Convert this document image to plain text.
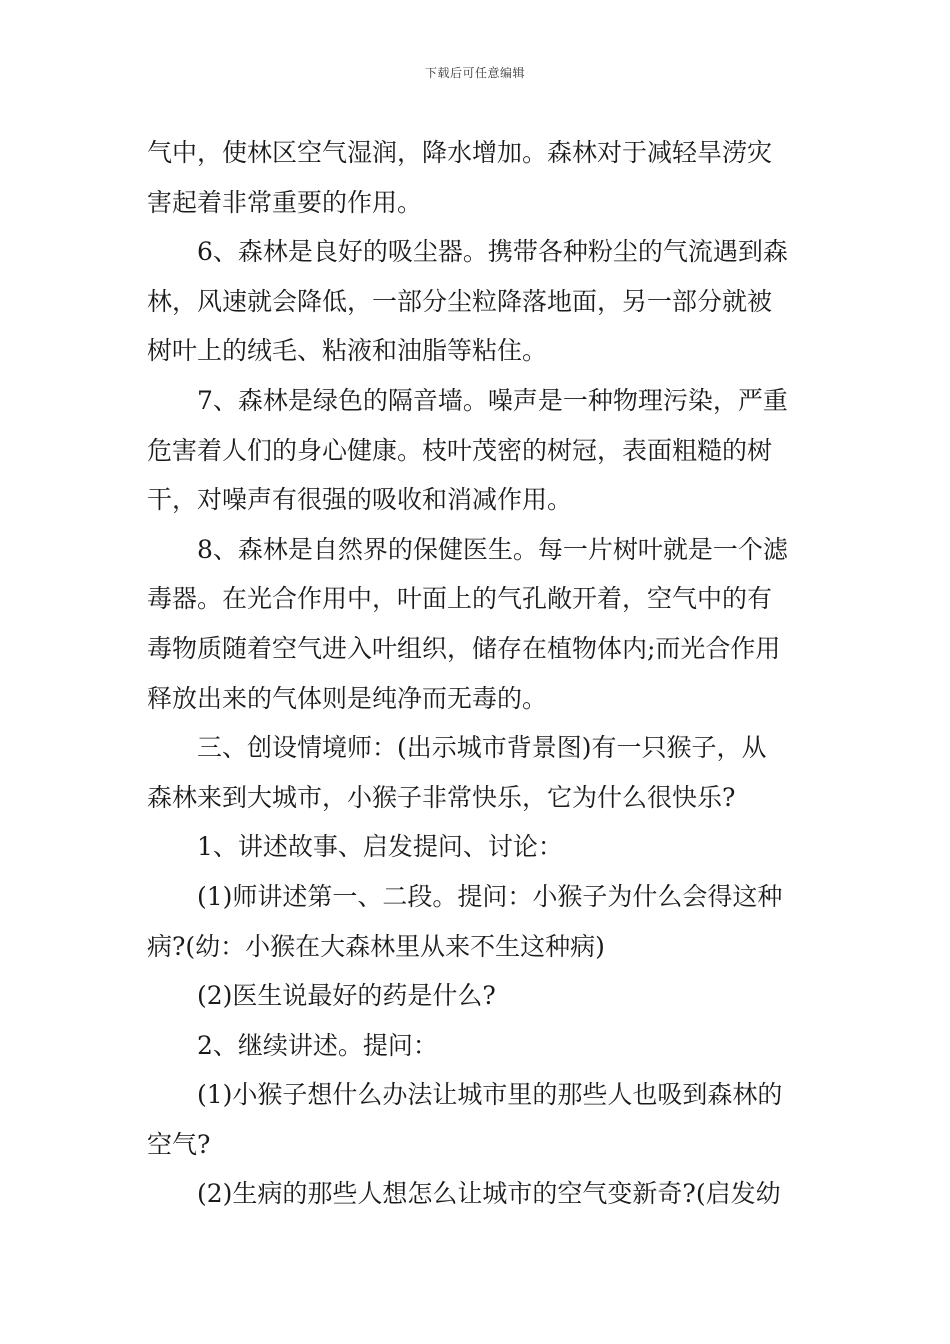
下载后可任意编辑
气中，使林区空气湿润，降水增加。森林对于减轻旱涝灾
害起着非常重要的作用。
6、森林是良好的吸尘器。携带各种粉尘的气流遇到森
林，风速就会降低，一部分尘粒降落地面，另一部分就被
树叶上的绒毛、粘液和油脂等粘住。
7、森林是绿色的隔音墙。噪声是一种物理污染，严重
危害着人们的身心健康。枝叶茂密的树冠，表面粗糙的树
干，对噪声有很强的吸收和消减作用。
8、森林是自然界的保健医生。每一片树叶就是一个滤
毒器。在光合作用中，叶面上的气孔敞开着，空气中的有
毒物质随着空气进入叶组织，储存在植物体内;而光合作用
释放出来的气体则是纯净而无毒的。
三、创设情境师：(出示城市背景图)有一只猴子，从
森林来到大城市，小猴子非常快乐，它为什么很快乐?
1、讲述故事、启发提问、讨论：
(1)师讲述第一、二段。提问：小猴子为什么会得这种
病?(幼：小猴在大森林里从来不生这种病)
(2)医生说最好的药是什么?
2、继续讲述。提问：
(1)小猴子想什么办法让城市里的那些人也吸到森林的
空气?
(2)生病的那些人想怎么让城市的空气变新奇?(启发幼
